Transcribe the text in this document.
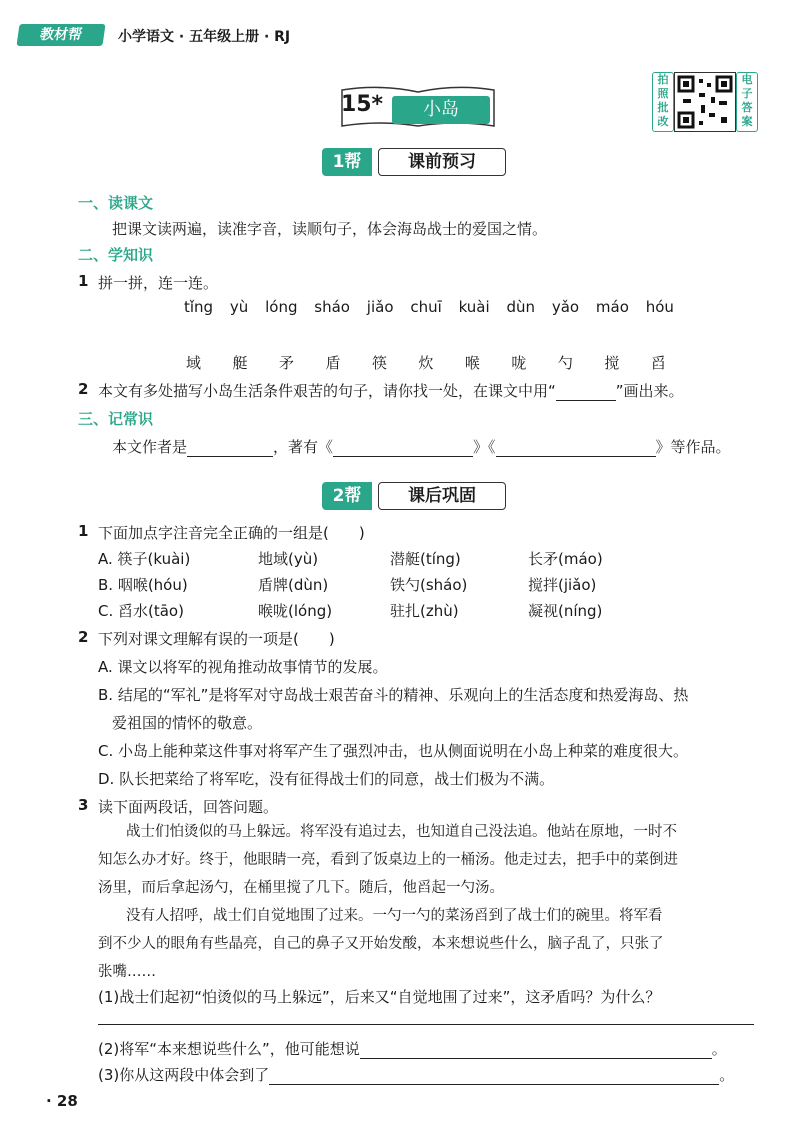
教材帮	小学语文 · 五年级上册 · RJ
15*	小岛
拍照批改
电子答案
1帮	课前预习
一、读课文
把课文读两遍，读准字音，读顺句子，体会海岛战士的爱国之情。
二、学知识
1 拼一拼，连一连。
tǐng yù lóng sháo jiǎo chuī kuài dùn yǎo máo hóu
域 艇 矛 盾 筷 炊 喉 咙 勺 搅 舀
2 本文有多处描写小岛生活条件艰苦的句子，请你找一处，在课文中用“	”画出来。
三、记常识
本文作者是	，著有《	》《	》等作品。
2帮	课后巩固
1 下面加点字注音完全正确的一组是(　　)
A. 筷子(kuài)	地域(yù)	潜艇(tíng)	长矛(máo)
B. 咽喉(hóu)	盾牌(dùn)	铁勺(sháo)	搅拌(jiǎo)
C. 舀水(tāo)	喉咙(lóng)	驻扎(zhù)	凝视(níng)
2 下列对课文理解有误的一项是(　　)
A. 课文以将军的视角推动故事情节的发展。
B. 结尾的“军礼”是将军对守岛战士艰苦奋斗的精神、乐观向上的生活态度和热爱海岛、热
爱祖国的情怀的敬意。
C. 小岛上能种菜这件事对将军产生了强烈冲击，也从侧面说明在小岛上种菜的难度很大。
D. 队长把菜给了将军吃，没有征得战士们的同意，战士们极为不满。
3 读下面两段话，回答问题。
战士们怕烫似的马上躲远。将军没有追过去，也知道自己没法追。他站在原地，一时不
知怎么办才好。终于，他眼睛一亮，看到了饭桌边上的一桶汤。他走过去，把手中的菜倒进
汤里，而后拿起汤勺，在桶里搅了几下。随后，他舀起一勺汤。
没有人招呼，战士们自觉地围了过来。一勺一勺的菜汤舀到了战士们的碗里。将军看
到不少人的眼角有些晶亮，自己的鼻子又开始发酸，本来想说些什么，脑子乱了，只张了
张嘴……
(1)战士们起初“怕烫似的马上躲远”，后来又“自觉地围了过来”，这矛盾吗？为什么？
(2)将军“本来想说些什么”，他可能想说	。
(3)你从这两段中体会到了	。
· 28
